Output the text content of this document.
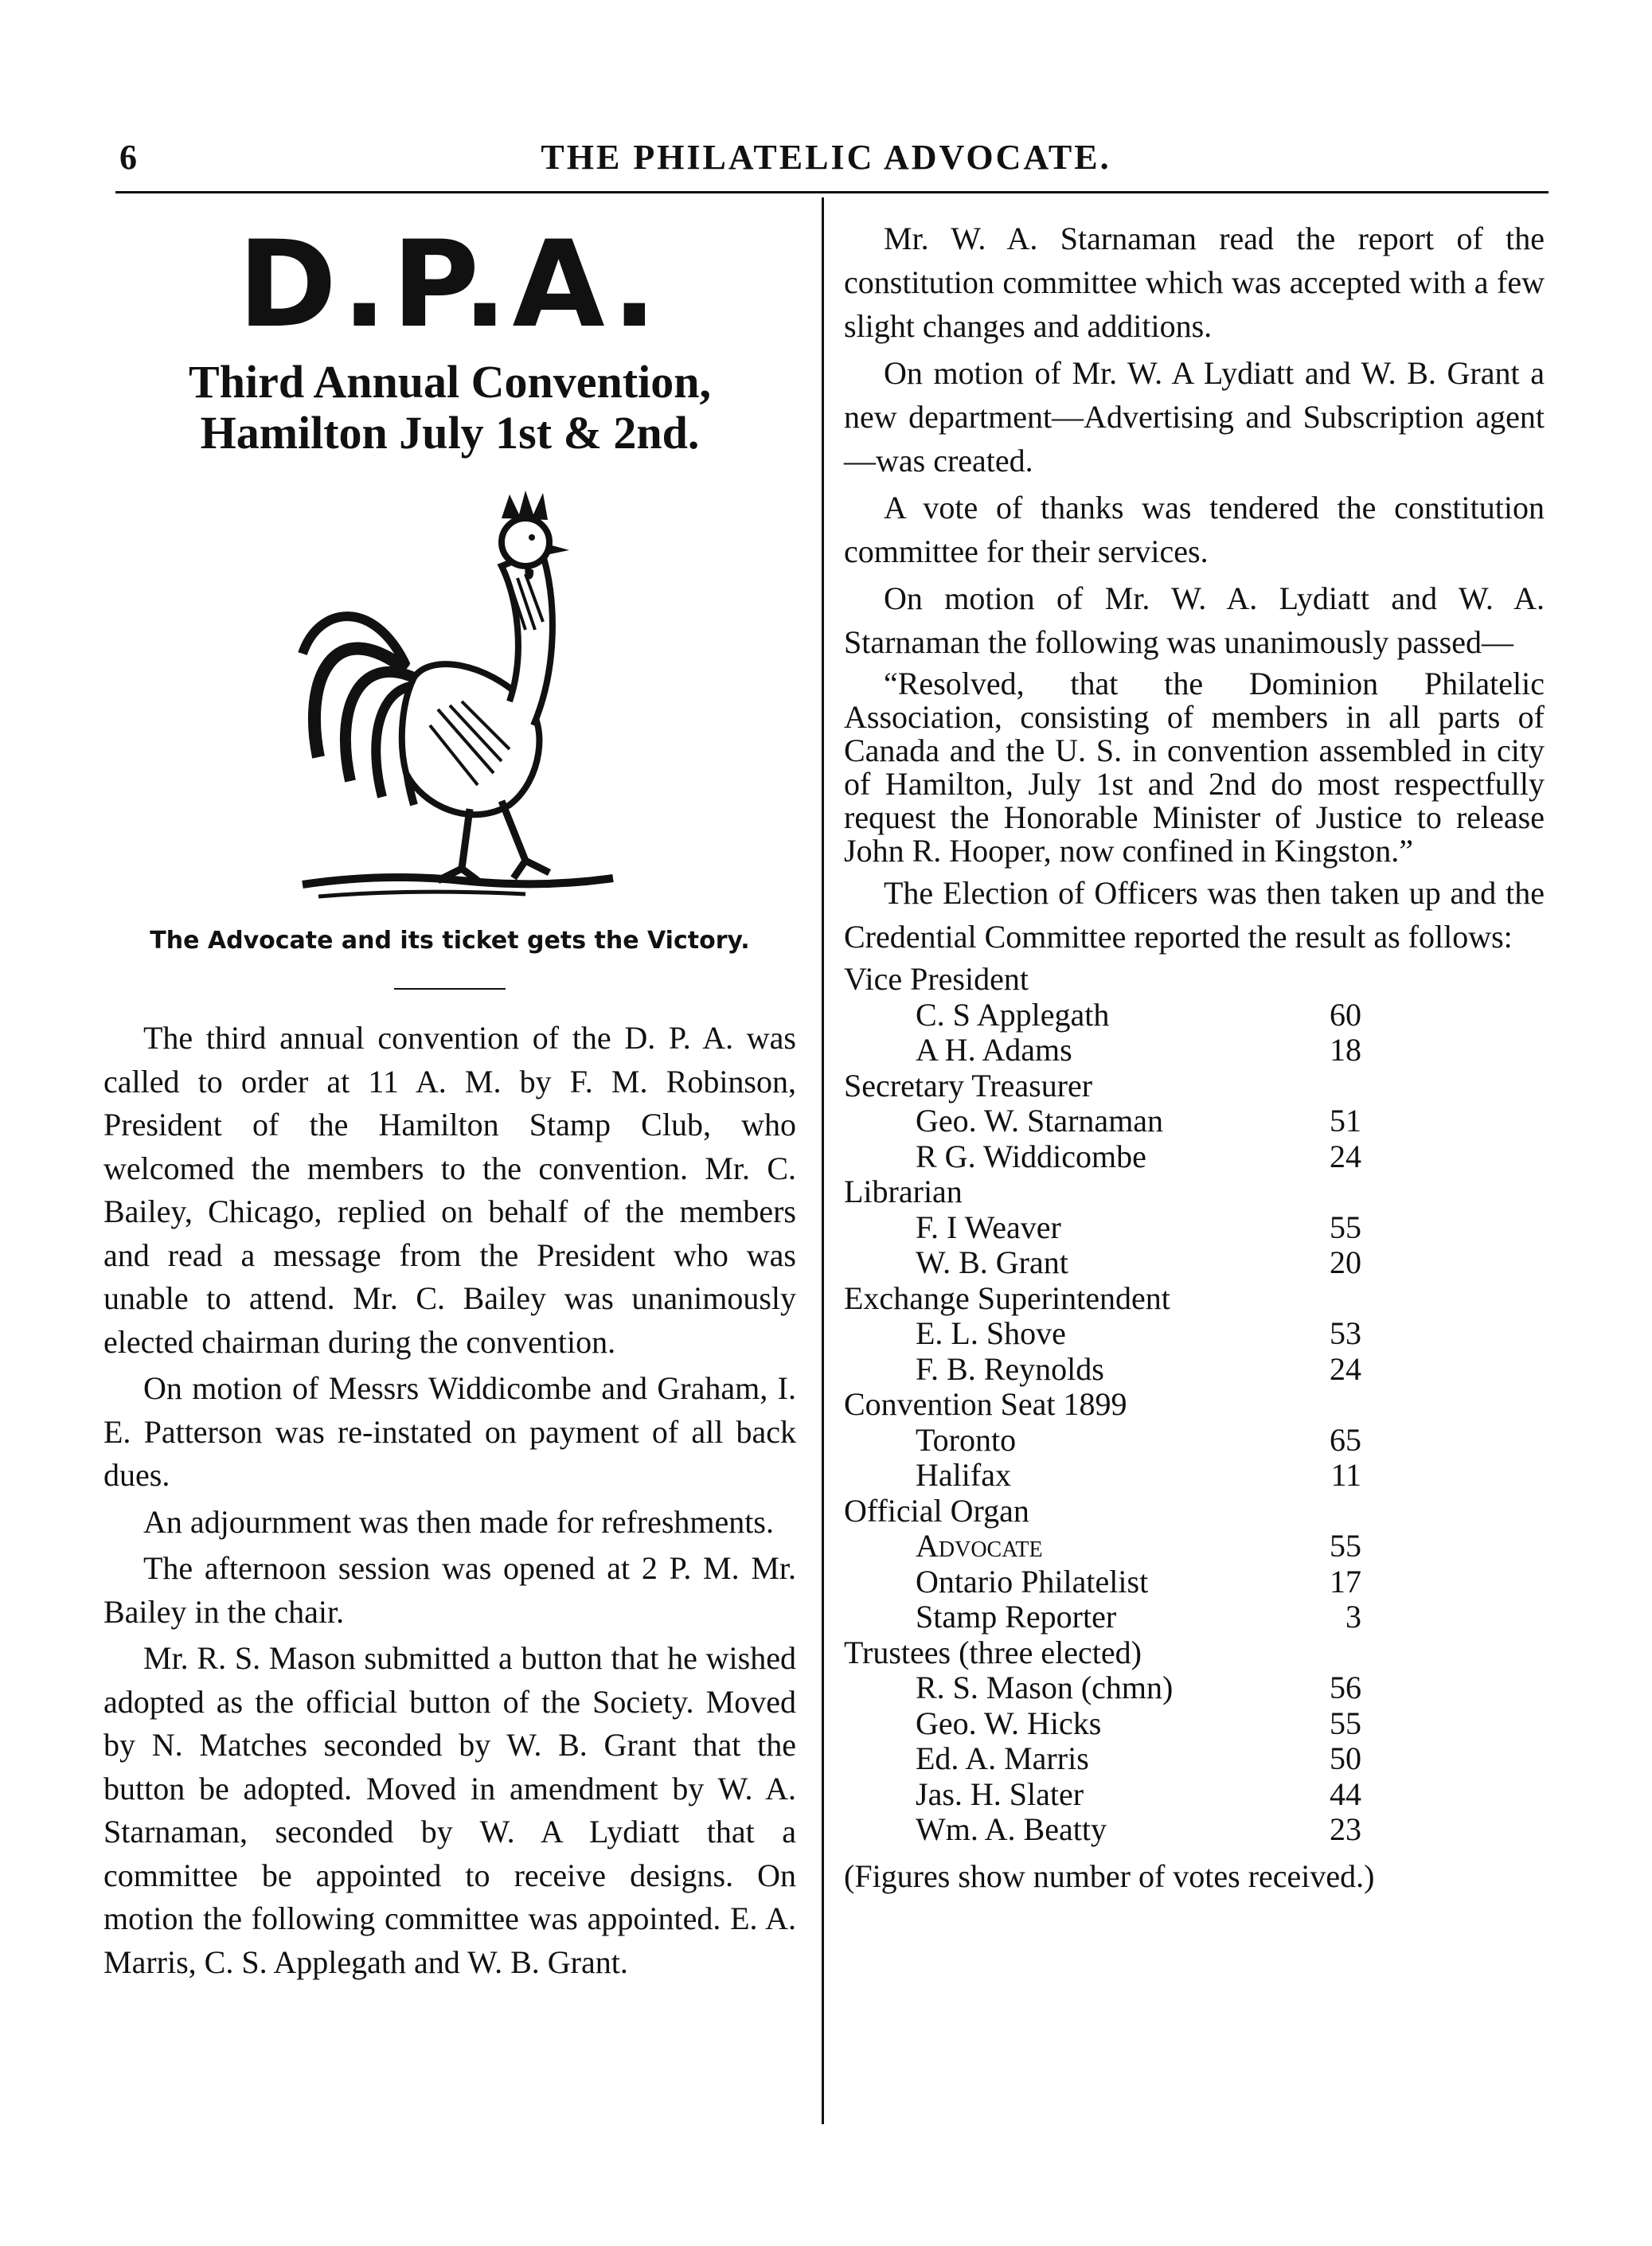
6	THE PHILATELIC ADVOCATE.
D.P.A.
Third Annual Convention,
Hamilton July 1st & 2nd.
The Advocate and its ticket gets the Victory.

The third annual convention of the D. P. A. was called to order at 11 A. M. by F. M. Robinson, President of the Hamilton Stamp Club, who welcomed the members to the convention. Mr. C. Bailey, Chicago, replied on behalf of the members and read a message from the President who was unable to attend. Mr. C. Bailey was unanimously elected chairman during the convention.

On motion of Messrs Widdicombe and Graham, I. E. Patterson was re-instated on payment of all back dues.

An adjournment was then made for refreshments.

The afternoon session was opened at 2 P. M. Mr. Bailey in the chair.

Mr. R. S. Mason submitted a button that he wished adopted as the official button of the Society. Moved by N. Matches seconded by W. B. Grant that the button be adopted. Moved in amendment by W. A. Starnaman, seconded by W. A Lydiatt that a committee be appointed to receive designs. On motion the following committee was appointed. E. A. Marris, C. S. Applegath and W. B. Grant.

Mr. W. A. Starnaman read the report of the constitution committee which was accepted with a few slight changes and additions.

On motion of Mr. W. A Lydiatt and W. B. Grant a new department—Advertising and Subscription agent—was created.

A vote of thanks was tendered the constitution committee for their services.

On motion of Mr. W. A. Lydiatt and W. A. Starnaman the following was unanimously passed—

“Resolved, that the Dominion Philatelic Association, consisting of members in all parts of Canada and the U. S. in convention assembled in city of Hamilton, July 1st and 2nd do most respectfully request the Honorable Minister of Justice to release John R. Hooper, now confined in Kingston.”

The Election of Officers was then taken up and the Credential Committee reported the result as follows:

Vice President
C. S Applegath	60
A H. Adams	18
Secretary Treasurer
Geo. W. Starnaman	51
R G. Widdicombe	24
Librarian
F. I Weaver	55
W. B. Grant	20
Exchange Superintendent
E. L. Shove	53
F. B. Reynolds	24
Convention Seat 1899
Toronto	65
Halifax	11
Official Organ
Advocate	55
Ontario Philatelist	17
Stamp Reporter	3
Trustees (three elected)
R. S. Mason (chmn)	56
Geo. W. Hicks	55
Ed. A. Marris	50
Jas. H. Slater	44
Wm. A. Beatty	23

(Figures show number of votes received.)
